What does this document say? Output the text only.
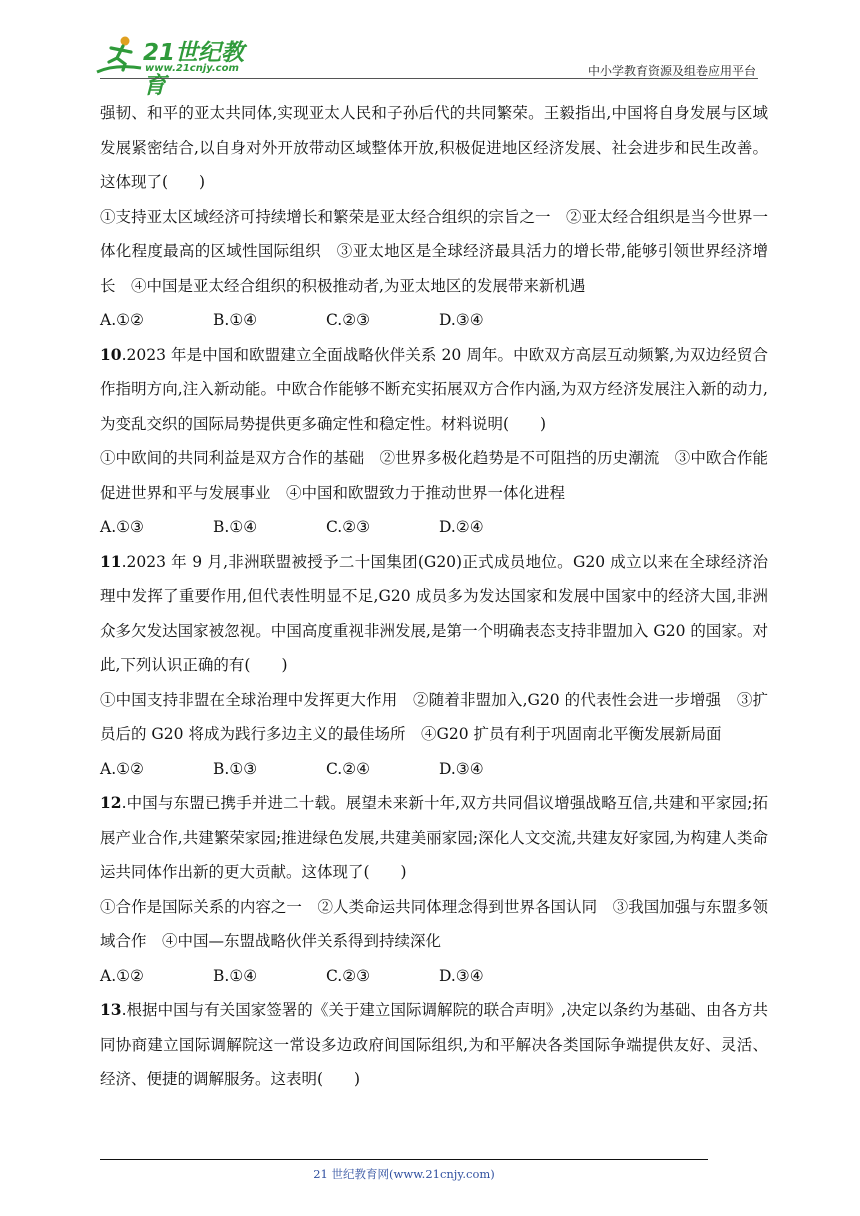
21世纪教育
www.21cnjy.com	中小学教育资源及组卷应用平台

强韧、和平的亚太共同体,实现亚太人民和子孙后代的共同繁荣。王毅指出,中国将自身发展与区域发展紧密结合,以自身对外开放带动区域整体开放,积极促进地区经济发展、社会进步和民生改善。这体现了(　　)

①支持亚太区域经济可持续增长和繁荣是亚太经合组织的宗旨之一　②亚太经合组织是当今世界一体化程度最高的区域性国际组织　③亚太地区是全球经济最具活力的增长带,能够引领世界经济增长　④中国是亚太经合组织的积极推动者,为亚太地区的发展带来新机遇

A.①②	B.①④	C.②③	D.③④

10.2023 年是中国和欧盟建立全面战略伙伴关系 20 周年。中欧双方高层互动频繁,为双边经贸合作指明方向,注入新动能。中欧合作能够不断充实拓展双方合作内涵,为双方经济发展注入新的动力,为变乱交织的国际局势提供更多确定性和稳定性。材料说明(　　)

①中欧间的共同利益是双方合作的基础　②世界多极化趋势是不可阻挡的历史潮流　③中欧合作能促进世界和平与发展事业　④中国和欧盟致力于推动世界一体化进程

A.①③	B.①④	C.②③	D.②④

11.2023 年 9 月,非洲联盟被授予二十国集团(G20)正式成员地位。G20 成立以来在全球经济治理中发挥了重要作用,但代表性明显不足,G20 成员多为发达国家和发展中国家中的经济大国,非洲众多欠发达国家被忽视。中国高度重视非洲发展,是第一个明确表态支持非盟加入 G20 的国家。对此,下列认识正确的有(　　)

①中国支持非盟在全球治理中发挥更大作用　②随着非盟加入,G20 的代表性会进一步增强　③扩员后的 G20 将成为践行多边主义的最佳场所　④G20 扩员有利于巩固南北平衡发展新局面

A.①②	B.①③	C.②④	D.③④

12.中国与东盟已携手并进二十载。展望未来新十年,双方共同倡议增强战略互信,共建和平家园;拓展产业合作,共建繁荣家园;推进绿色发展,共建美丽家园;深化人文交流,共建友好家园,为构建人类命运共同体作出新的更大贡献。这体现了(　　)

①合作是国际关系的内容之一　②人类命运共同体理念得到世界各国认同　③我国加强与东盟多领域合作　④中国—东盟战略伙伴关系得到持续深化

A.①②	B.①④	C.②③	D.③④

13.根据中国与有关国家签署的《关于建立国际调解院的联合声明》,决定以条约为基础、由各方共同协商建立国际调解院这一常设多边政府间国际组织,为和平解决各类国际争端提供友好、灵活、经济、便捷的调解服务。这表明(　　)

21 世纪教育网(www.21cnjy.com)
